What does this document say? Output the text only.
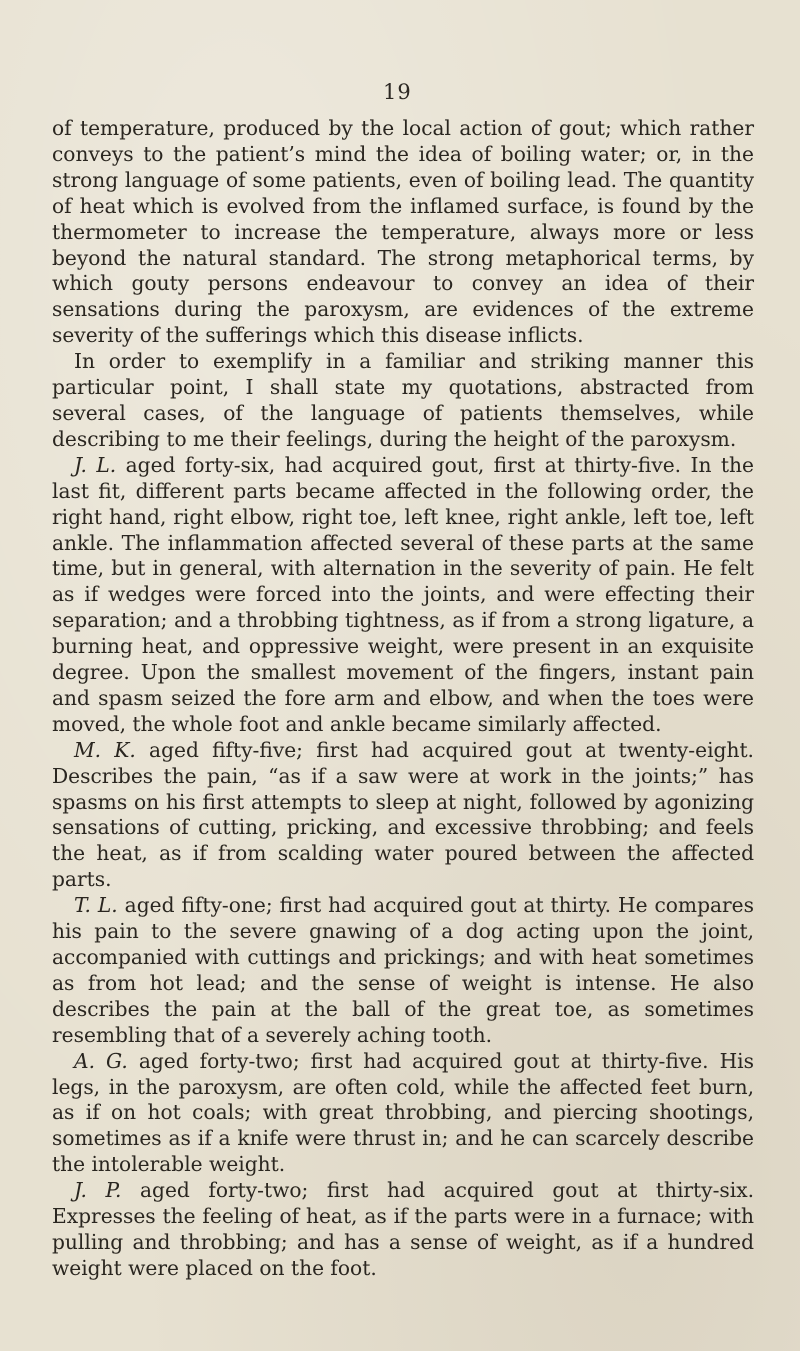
19

of temperature, produced by the local action of gout; which rather conveys to the patient’s mind the idea of boiling water; or, in the strong language of some patients, even of boiling lead. The quantity of heat which is evolved from the inflamed surface, is found by the thermometer to increase the temperature, always more or less beyond the natural standard. The strong metaphorical terms, by which gouty persons endeavour to convey an idea of their sensations during the paroxysm, are evidences of the extreme severity of the sufferings which this disease inflicts.

In order to exemplify in a familiar and striking manner this particular point, I shall state my quotations, abstracted from several cases, of the language of patients themselves, while describing to me their feelings, during the height of the paroxysm.

J. L. aged forty-six, had acquired gout, first at thirty-five. In the last fit, different parts became affected in the following order, the right hand, right elbow, right toe, left knee, right ankle, left toe, left ankle. The inflammation affected several of these parts at the same time, but in general, with alternation in the severity of pain. He felt as if wedges were forced into the joints, and were effecting their separation; and a throbbing tightness, as if from a strong ligature, a burning heat, and oppressive weight, were present in an exquisite degree. Upon the smallest movement of the fingers, instant pain and spasm seized the fore arm and elbow, and when the toes were moved, the whole foot and ankle became similarly affected.

M. K. aged fifty-five; first had acquired gout at twenty-eight. Describes the pain, “as if a saw were at work in the joints;” has spasms on his first attempts to sleep at night, followed by agonizing sensations of cutting, pricking, and excessive throbbing; and feels the heat, as if from scalding water poured between the affected parts.

T. L. aged fifty-one; first had acquired gout at thirty. He compares his pain to the severe gnawing of a dog acting upon the joint, accompanied with cuttings and prickings; and with heat sometimes as from hot lead; and the sense of weight is intense. He also describes the pain at the ball of the great toe, as sometimes resembling that of a severely aching tooth.

A. G. aged forty-two; first had acquired gout at thirty-five. His legs, in the paroxysm, are often cold, while the affected feet burn, as if on hot coals; with great throbbing, and piercing shootings, sometimes as if a knife were thrust in; and he can scarcely describe the intolerable weight.

J. P. aged forty-two; first had acquired gout at thirty-six. Expresses the feeling of heat, as if the parts were in a furnace; with pulling and throbbing; and has a sense of weight, as if a hundred weight were placed on the foot.
